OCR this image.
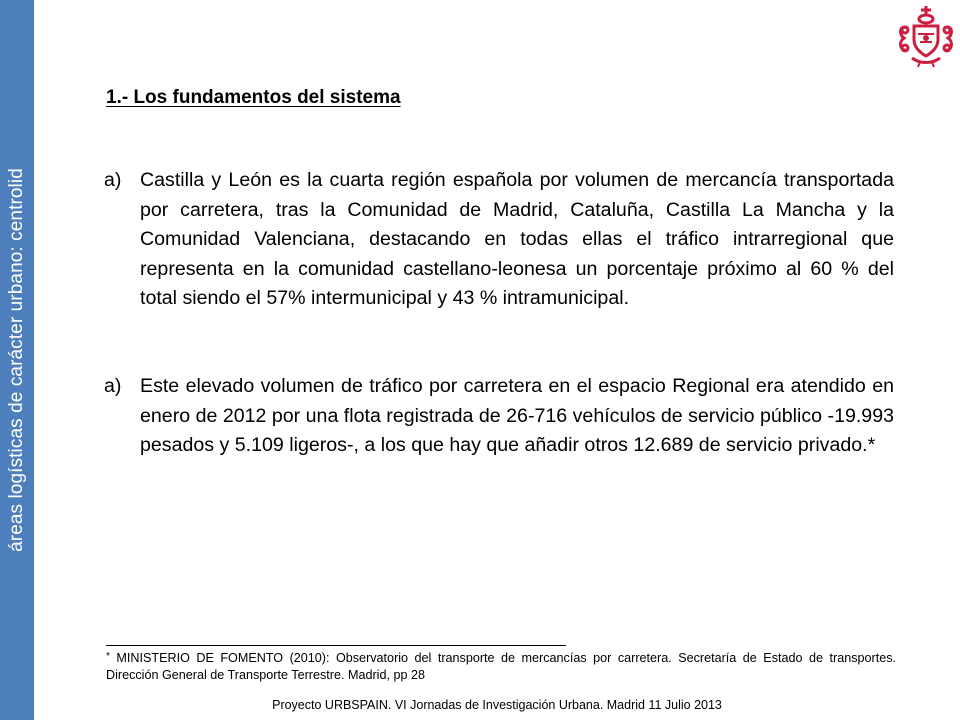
áreas logísticas de carácter urbano: centrolid
1.- Los fundamentos del sistema
a) Castilla y León es la cuarta región española por volumen de mercancía transportada por carretera, tras la Comunidad de Madrid, Cataluña, Castilla La Mancha y la Comunidad Valenciana, destacando en todas ellas el tráfico intrarregional que representa en la comunidad castellano-leonesa un porcentaje próximo al 60 % del total siendo el 57% intermunicipal y 43 % intramunicipal.
a) Este elevado volumen de tráfico por carretera en el espacio Regional era atendido en enero de 2012 por una flota registrada de 26-716 vehículos de servicio público -19.993 pesados y 5.109 ligeros-, a los que hay que añadir otros 12.689 de servicio privado.*
* MINISTERIO DE FOMENTO (2010): Observatorio del transporte de mercancías por carretera. Secretaría de Estado de transportes. Dirección General de Transporte Terrestre. Madrid, pp 28
Proyecto URBSPAIN. VI Jornadas de Investigación Urbana. Madrid 11 Julio 2013
